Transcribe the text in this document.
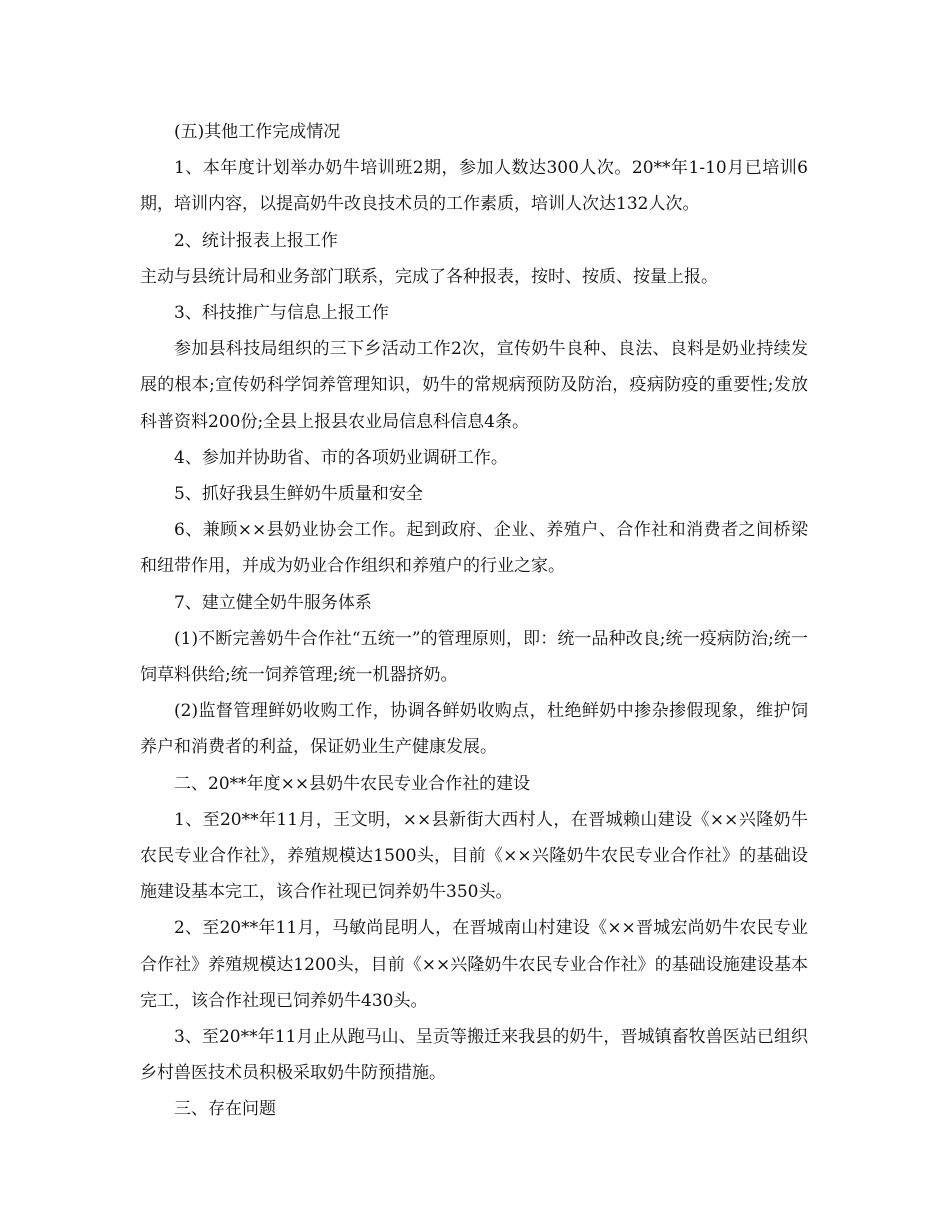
(五)其他工作完成情况

1、本年度计划举办奶牛培训班2期，参加人数达300人次。20**年1-10月已培训6期，培训内容，以提高奶牛改良技术员的工作素质，培训人次达132人次。

2、统计报表上报工作

主动与县统计局和业务部门联系，完成了各种报表，按时、按质、按量上报。

3、科技推广与信息上报工作

参加县科技局组织的三下乡活动工作2次，宣传奶牛良种、良法、良料是奶业持续发展的根本;宣传奶科学饲养管理知识，奶牛的常规病预防及防治，疫病防疫的重要性;发放科普资料200份;全县上报县农业局信息科信息4条。

4、参加并协助省、市的各项奶业调研工作。

5、抓好我县生鲜奶牛质量和安全

6、兼顾××县奶业协会工作。起到政府、企业、养殖户、合作社和消费者之间桥梁和纽带作用，并成为奶业合作组织和养殖户的行业之家。

7、建立健全奶牛服务体系

(1)不断完善奶牛合作社“五统一”的管理原则，即：统一品种改良;统一疫病防治;统一饲草料供给;统一饲养管理;统一机器挤奶。

(2)监督管理鲜奶收购工作，协调各鲜奶收购点，杜绝鲜奶中掺杂掺假现象，维护饲养户和消费者的利益，保证奶业生产健康发展。

二、20**年度××县奶牛农民专业合作社的建设

1、至20**年11月，王文明，××县新街大西村人，在晋城赖山建设《××兴隆奶牛农民专业合作社》，养殖规模达1500头，目前《××兴隆奶牛农民专业合作社》的基础设施建设基本完工，该合作社现已饲养奶牛350头。

2、至20**年11月，马敏尚昆明人，在晋城南山村建设《××晋城宏尚奶牛农民专业合作社》养殖规模达1200头，目前《××兴隆奶牛农民专业合作社》的基础设施建设基本完工，该合作社现已饲养奶牛430头。

3、至20**年11月止从跑马山、呈贡等搬迁来我县的奶牛，晋城镇畜牧兽医站已组织乡村兽医技术员积极采取奶牛防预措施。

三、存在问题
